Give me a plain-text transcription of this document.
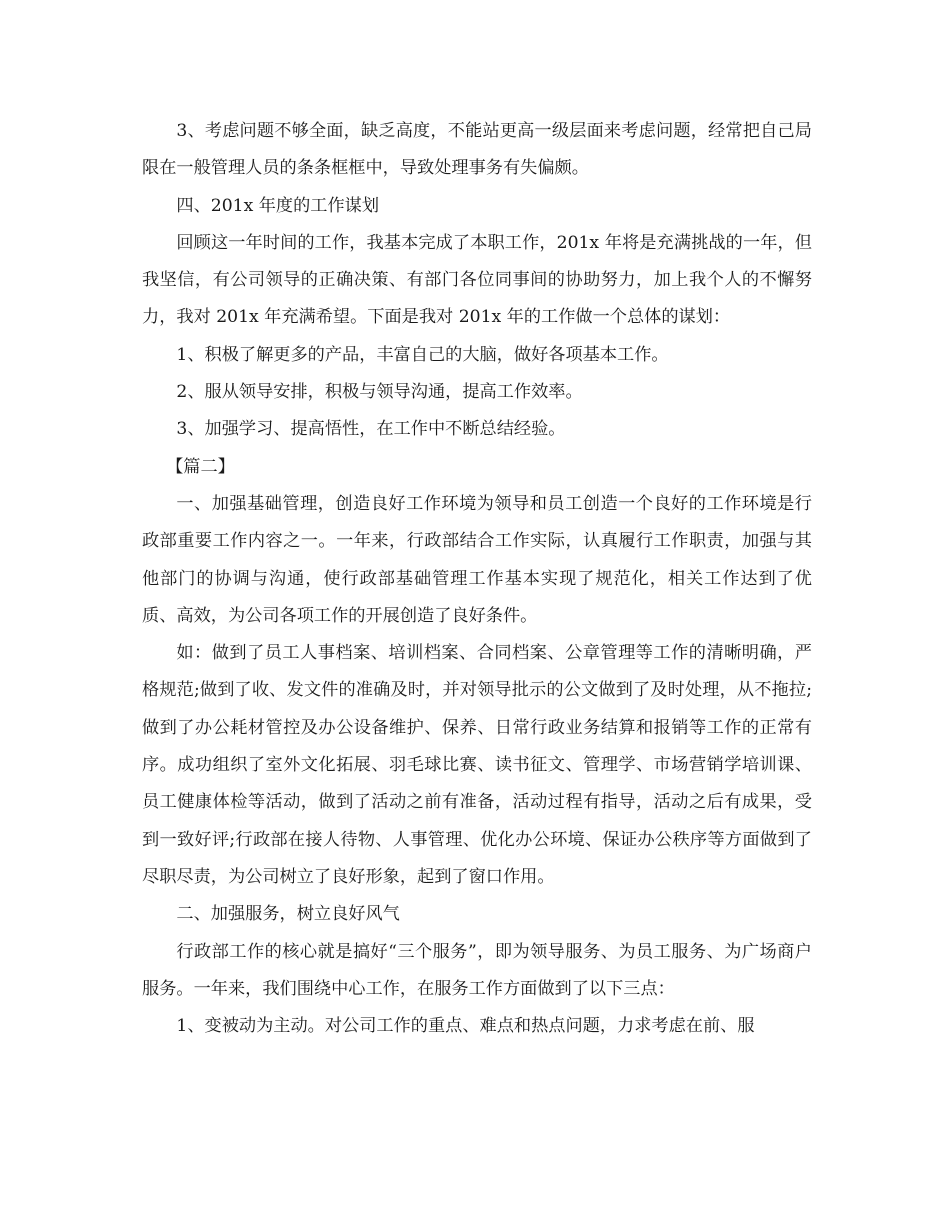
3、考虑问题不够全面，缺乏高度，不能站更高一级层面来考虑问题，经常把自己局限在一般管理人员的条条框框中，导致处理事务有失偏颇。

四、201x 年度的工作谋划

回顾这一年时间的工作，我基本完成了本职工作，201x 年将是充满挑战的一年，但我坚信，有公司领导的正确决策、有部门各位同事间的协助努力，加上我个人的不懈努力，我对 201x 年充满希望。下面是我对 201x 年的工作做一个总体的谋划：

1、积极了解更多的产品，丰富自己的大脑，做好各项基本工作。

2、服从领导安排，积极与领导沟通，提高工作效率。

3、加强学习、提高悟性，在工作中不断总结经验。

【篇二】

一、加强基础管理，创造良好工作环境为领导和员工创造一个良好的工作环境是行政部重要工作内容之一。一年来，行政部结合工作实际，认真履行工作职责，加强与其他部门的协调与沟通，使行政部基础管理工作基本实现了规范化，相关工作达到了优质、高效，为公司各项工作的开展创造了良好条件。

如：做到了员工人事档案、培训档案、合同档案、公章管理等工作的清晰明确，严格规范;做到了收、发文件的准确及时，并对领导批示的公文做到了及时处理，从不拖拉;做到了办公耗材管控及办公设备维护、保养、日常行政业务结算和报销等工作的正常有序。成功组织了室外文化拓展、羽毛球比赛、读书征文、管理学、市场营销学培训课、员工健康体检等活动，做到了活动之前有准备，活动过程有指导，活动之后有成果，受到一致好评;行政部在接人待物、人事管理、优化办公环境、保证办公秩序等方面做到了尽职尽责，为公司树立了良好形象，起到了窗口作用。

二、加强服务，树立良好风气

行政部工作的核心就是搞好“三个服务”，即为领导服务、为员工服务、为广场商户服务。一年来，我们围绕中心工作，在服务工作方面做到了以下三点：

1、变被动为主动。对公司工作的重点、难点和热点问题，力求考虑在前、服
